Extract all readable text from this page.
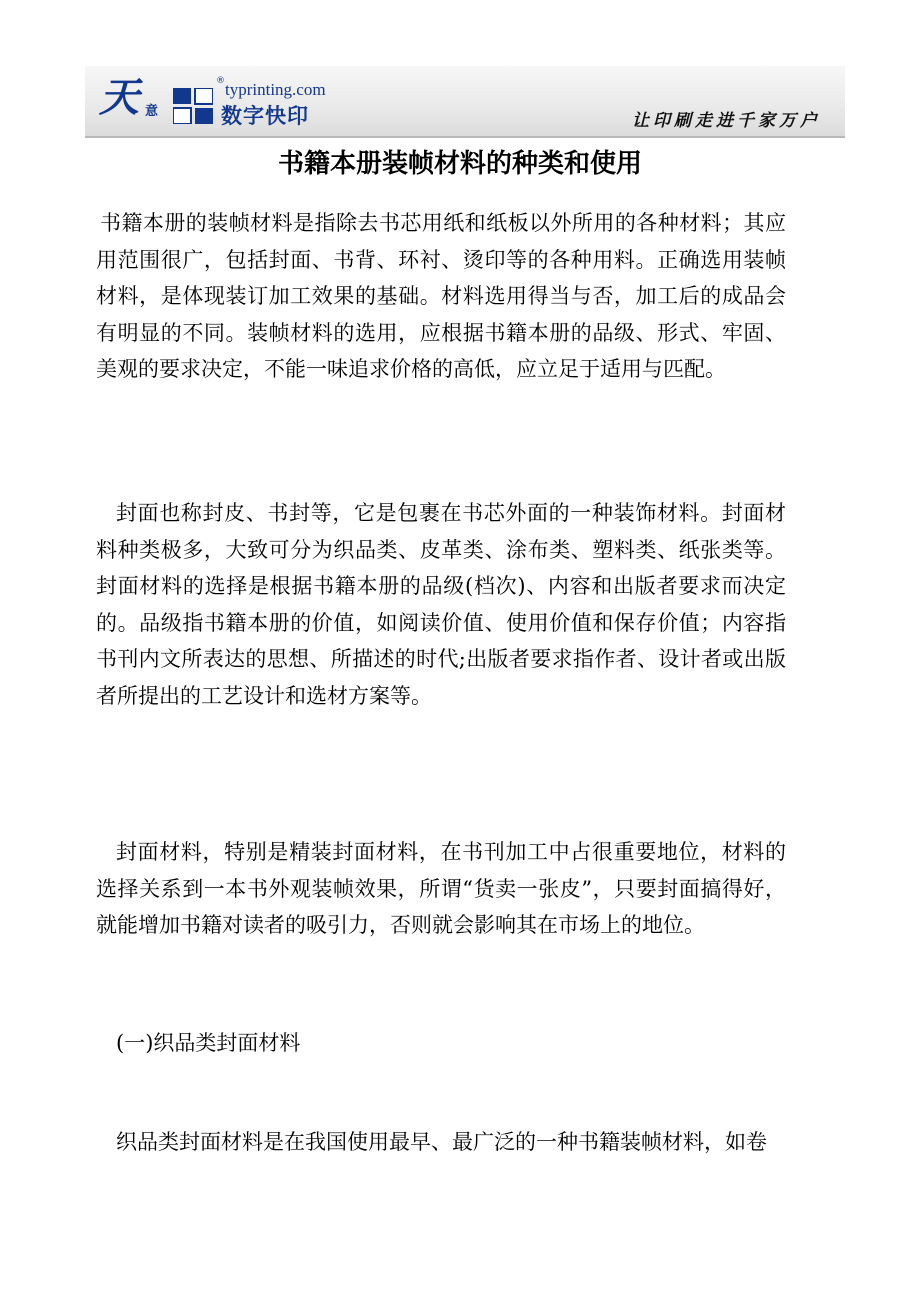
天 意
® typrinting.com
数字快印	让印刷走进千家万户
书籍本册装帧材料的种类和使用

书籍本册的装帧材料是指除去书芯用纸和纸板以外所用的各种材料；其应用范围很广，包括封面、书背、环衬、烫印等的各种用料。正确选用装帧材料，是体现装订加工效果的基础。材料选用得当与否，加工后的成品会有明显的不同。装帧材料的选用，应根据书籍本册的品级、形式、牢固、美观的要求决定，不能一味追求价格的高低，应立足于适用与匹配。

封面也称封皮、书封等，它是包裹在书芯外面的一种装饰材料。封面材料种类极多，大致可分为织品类、皮革类、涂布类、塑料类、纸张类等。封面材料的选择是根据书籍本册的品级(档次)、内容和出版者要求而决定的。品级指书籍本册的价值，如阅读价值、使用价值和保存价值；内容指书刊内文所表达的思想、所描述的时代;出版者要求指作者、设计者或出版者所提出的工艺设计和选材方案等。

封面材料，特别是精装封面材料，在书刊加工中占很重要地位，材料的选择关系到一本书外观装帧效果，所谓“货卖一张皮”，只要封面搞得好，就能增加书籍对读者的吸引力，否则就会影响其在市场上的地位。

(一)织品类封面材料

织品类封面材料是在我国使用最早、最广泛的一种书籍装帧材料，如卷
